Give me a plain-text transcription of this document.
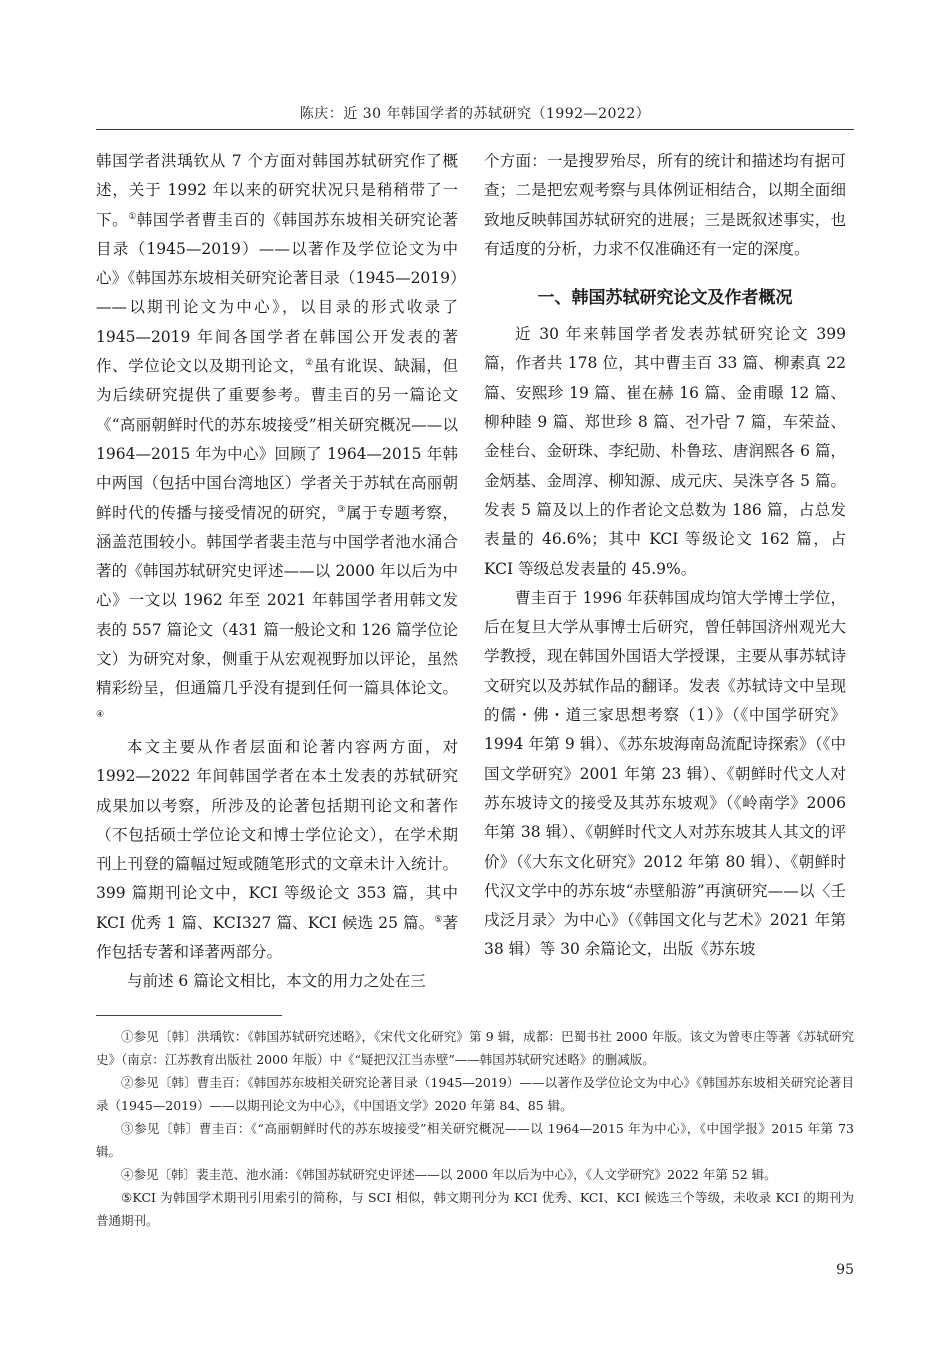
陈庆：近 30 年韩国学者的苏轼研究（1992—2022）

韩国学者洪瑀钦从 7 个方面对韩国苏轼研究作了概述，关于 1992 年以来的研究状况只是稍稍带了一下。①韩国学者曹圭百的《韩国苏东坡相关研究论著目录（1945—2019）——以著作及学位论文为中心》《韩国苏东坡相关研究论著目录（1945—2019）——以期刊论文为中心》，以目录的形式收录了 1945—2019 年间各国学者在韩国公开发表的著作、学位论文以及期刊论文，②虽有讹误、缺漏，但为后续研究提供了重要参考。曹圭百的另一篇论文《“高丽朝鲜时代的苏东坡接受”相关研究概况——以 1964—2015 年为中心》回顾了 1964—2015 年韩中两国（包括中国台湾地区）学者关于苏轼在高丽朝鲜时代的传播与接受情况的研究，③属于专题考察，涵盖范围较小。韩国学者裴圭范与中国学者池水涌合著的《韩国苏轼研究史评述——以 2000 年以后为中心》一文以 1962 年至 2021 年韩国学者用韩文发表的 557 篇论文（431 篇一般论文和 126 篇学位论文）为研究对象，侧重于从宏观视野加以评论，虽然精彩纷呈，但通篇几乎没有提到任何一篇具体论文。④

本文主要从作者层面和论著内容两方面，对 1992—2022 年间韩国学者在本土发表的苏轼研究成果加以考察，所涉及的论著包括期刊论文和著作（不包括硕士学位论文和博士学位论文），在学术期刊上刊登的篇幅过短或随笔形式的文章未计入统计。399 篇期刊论文中，KCI 等级论文 353 篇，其中 KCI 优秀 1 篇、KCI327 篇、KCI 候选 25 篇。⑤著作包括专著和译著两部分。

与前述 6 篇论文相比，本文的用力之处在三

个方面：一是搜罗殆尽，所有的统计和描述均有据可查；二是把宏观考察与具体例证相结合，以期全面细致地反映韩国苏轼研究的进展；三是既叙述事实，也有适度的分析，力求不仅准确还有一定的深度。

一、韩国苏轼研究论文及作者概况

近 30 年来韩国学者发表苏轼研究论文 399 篇，作者共 178 位，其中曹圭百 33 篇、柳素真 22 篇、安熙珍 19 篇、崔在赫 16 篇、金甫暻 12 篇、柳种睦 9 篇、郑世珍 8 篇、전가람 7 篇，车荣益、金桂台、金研珠、李纪勋、朴鲁玹、唐润熙各 6 篇，金炳基、金周淳、柳知源、成元庆、吴洙亨各 5 篇。发表 5 篇及以上的作者论文总数为 186 篇，占总发表量的 46.6%；其中 KCI 等级论文 162 篇，占 KCI 等级总发表量的 45.9%。

曹圭百于 1996 年获韩国成均馆大学博士学位，后在复旦大学从事博士后研究，曾任韩国济州观光大学教授，现在韩国外国语大学授课，主要从事苏轼诗文研究以及苏轼作品的翻译。发表《苏轼诗文中呈现的儒・佛・道三家思想考察（1）》（《中国学研究》1994 年第 9 辑）、《苏东坡海南岛流配诗探索》（《中国文学研究》2001 年第 23 辑）、《朝鲜时代文人对苏东坡诗文的接受及其苏东坡观》（《岭南学》2006 年第 38 辑）、《朝鲜时代文人对苏东坡其人其文的评价》（《大东文化研究》2012 年第 80 辑）、《朝鲜时代汉文学中的苏东坡“赤壁船游”再演研究——以〈壬戌泛月录〉为中心》（《韩国文化与艺术》2021 年第 38 辑）等 30 余篇论文，出版《苏东坡

①参见〔韩〕洪瑀钦：《韩国苏轼研究述略》，《宋代文化研究》第 9 辑，成都：巴蜀书社 2000 年版。该文为曾枣庄等著《苏轼研究史》（南京：江苏教育出版社 2000 年版）中《“疑把汉江当赤壁”——韩国苏轼研究述略》的删减版。

②参见〔韩〕曹圭百：《韩国苏东坡相关研究论著目录（1945—2019）——以著作及学位论文为中心》《韩国苏东坡相关研究论著目录（1945—2019）——以期刊论文为中心》，《中国语文学》2020 年第 84、85 辑。

③参见〔韩〕曹圭百：《“高丽朝鲜时代的苏东坡接受”相关研究概况——以 1964—2015 年为中心》，《中国学报》2015 年第 73 辑。

④参见〔韩〕裴圭范、池水涌：《韩国苏轼研究史评述——以 2000 年以后为中心》，《人文学研究》2022 年第 52 辑。

⑤KCI 为韩国学术期刊引用索引的简称，与 SCI 相似，韩文期刊分为 KCI 优秀、KCI、KCI 候选三个等级，未收录 KCI 的期刊为普通期刊。

95
